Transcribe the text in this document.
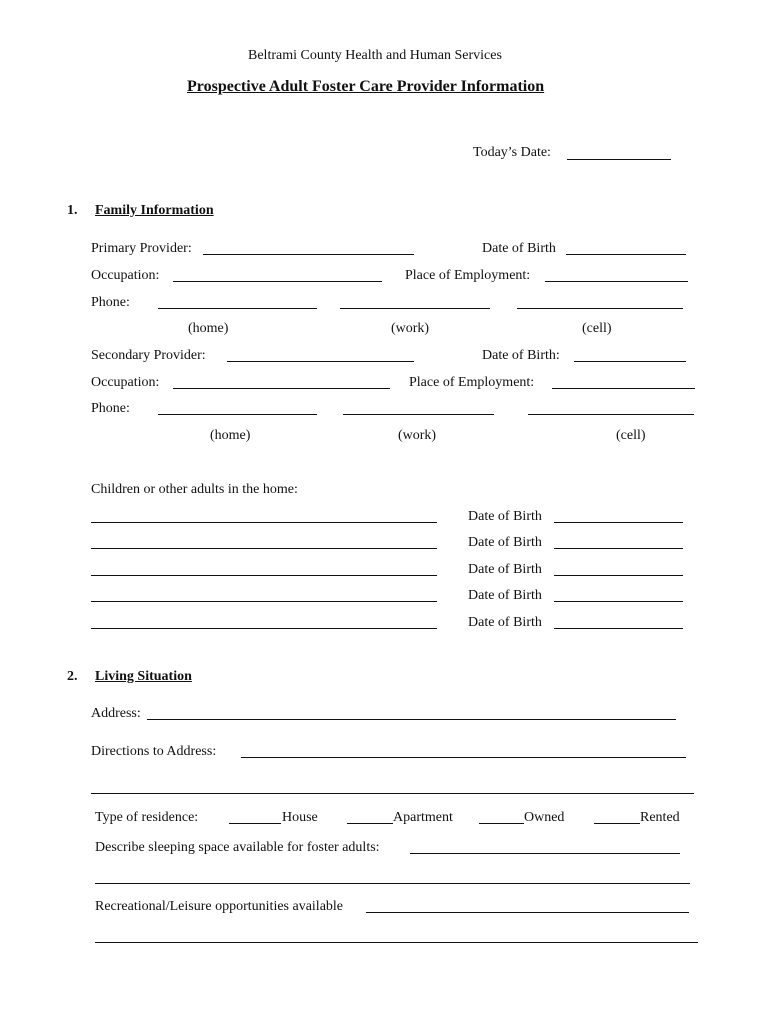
Beltrami County Health and Human Services
Prospective Adult Foster Care Provider Information
Today’s Date:
1. Family Information
Primary Provider:	Date of Birth
Occupation:	Place of Employment:
Phone:
(home)	(work)	(cell)
Secondary Provider:	Date of Birth:
Occupation:	Place of Employment:
Phone:
(home)	(work)	(cell)
Children or other adults in the home:
Date of Birth
Date of Birth
Date of Birth
Date of Birth
Date of Birth
2. Living Situation
Address:
Directions to Address:
Type of residence:	House	Apartment	Owned	Rented
Describe sleeping space available for foster adults:
Recreational/Leisure opportunities available
